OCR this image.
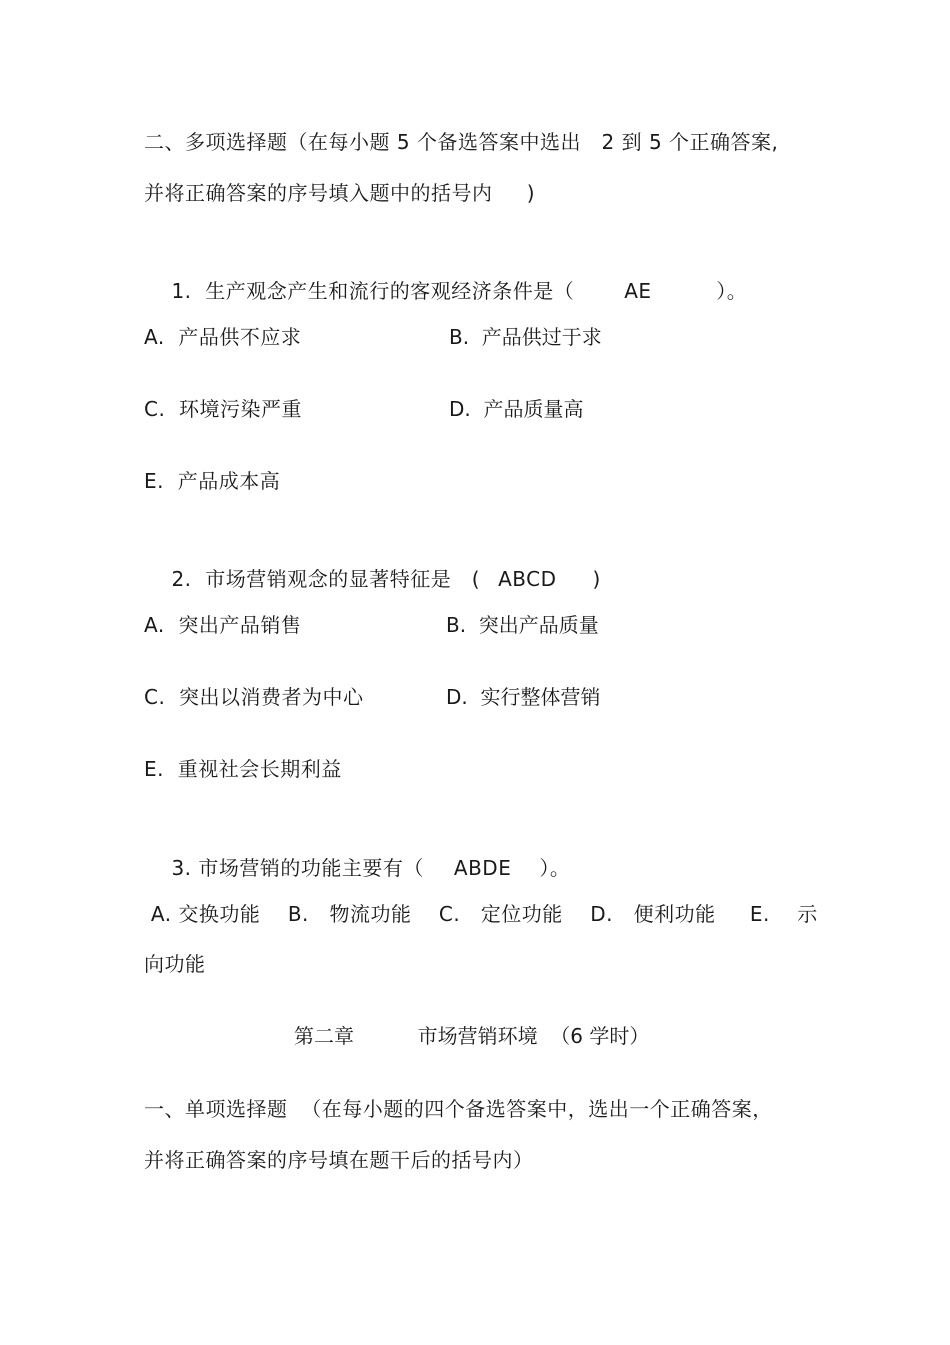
二、多项选择题（在每小题 5 个备选答案中选出   2 到 5 个正确答案,
并将正确答案的序号填入题中的括号内     )

1.  生产观念产生和流行的客观经济条件是（	AE	）。

A.  产品供不应求	B.  产品供过于求
C.  环境污染严重	D.  产品质量高
E.  产品成本高

2.  市场营销观念的显著特征是   ( ABCD )

A.  突出产品销售	B.  突出产品质量
C.  突出以消费者为中心	D.  实行整体营销
E.  重视社会长期利益

3. 市场营销的功能主要有（ ABDE ）。

A. 交换功能    B.   物流功能    C.   定位功能    D.   便利功能     E.    示
向功能
第二章          市场营销环境  （6 学时）
一、单项选择题  （在每小题的四个备选答案中，选出一个正确答案，
并将正确答案的序号填在题干后的括号内）
